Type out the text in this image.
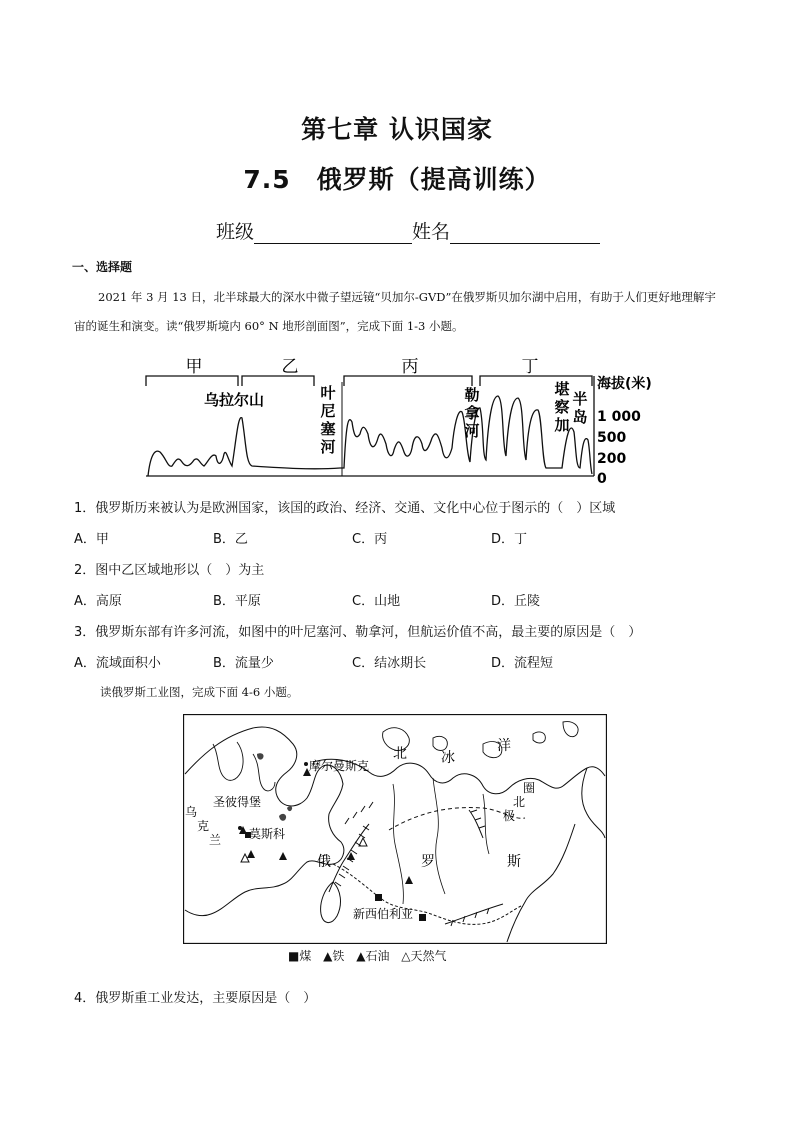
第七章 认识国家
7.5　俄罗斯（提高训练）
班级	姓名
一、选择题

2021 年 3 月 13 日，北半球最大的深水中微子望远镜“贝加尔-GVD”在俄罗斯贝加尔湖中启用，有助于人们更好地理解宇宙的诞生和演变。读“俄罗斯境内 60° N 地形剖面图”，完成下面 1-3 小题。

甲	乙	丙	丁
乌拉尔山	叶
尼
塞
河
勒
拿
河
堪
察
加
半
岛
海拔(米)
1 000
500
200
0
1．俄罗斯历来被认为是欧洲国家，该国的政治、经济、交通、文化中心位于图示的（　）区域
A．甲	B．乙	C．丙	D．丁
2．图中乙区域地形以（　）为主
A．高原	B．平原	C．山地	D．丘陵
3．俄罗斯东部有许多河流，如图中的叶尼塞河、勒拿河，但航运价值不高，最主要的原因是（　）
A．流域面积小	B．流量少	C．结冰期长	D．流程短
读俄罗斯工业图，完成下面 4-6 小题。
北 冰
洋
俄	罗	斯
摩尔曼斯克
圣彼得堡
莫斯科
新西伯利亚
乌
克
兰
圈
北
极
■煤 ▲铁 ▲石油 △天然气
4．俄罗斯重工业发达，主要原因是（　）
